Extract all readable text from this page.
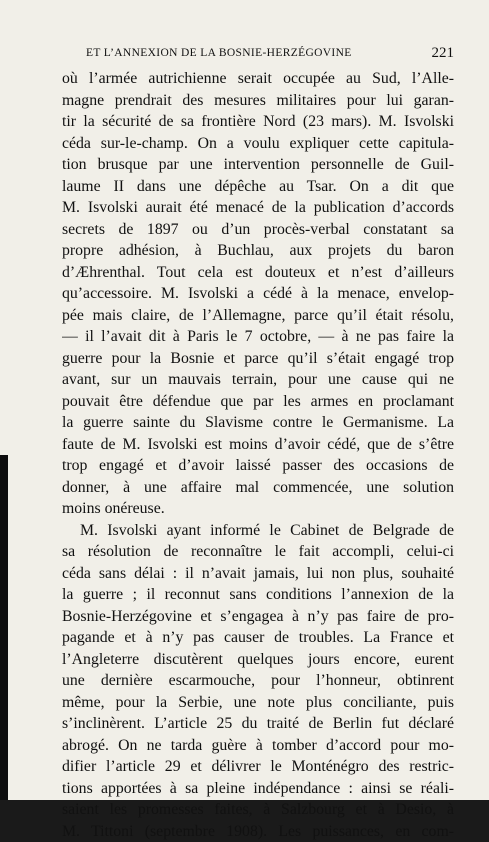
ET L’ANNEXION DE LA BOSNIE-HERZÉGOVINE	221
où l’armée autrichienne serait occupée au Sud, l’Alle-
magne prendrait des mesures militaires pour lui garan-
tir la sécurité de sa frontière Nord (23 mars). M. Isvolski
céda sur-le-champ. On a voulu expliquer cette capitula-
tion brusque par une intervention personnelle de Guil-
laume II dans une dépêche au Tsar. On a dit que
M. Isvolski aurait été menacé de la publication d’accords
secrets de 1897 ou d’un procès-verbal constatant sa
propre adhésion, à Buchlau, aux projets du baron
d’Æhrenthal. Tout cela est douteux et n’est d’ailleurs
qu’accessoire. M. Isvolski a cédé à la menace, envelop-
pée mais claire, de l’Allemagne, parce qu’il était résolu,
— il l’avait dit à Paris le 7 octobre, — à ne pas faire la
guerre pour la Bosnie et parce qu’il s’était engagé trop
avant, sur un mauvais terrain, pour une cause qui ne
pouvait être défendue que par les armes en proclamant
la guerre sainte du Slavisme contre le Germanisme. La
faute de M. Isvolski est moins d’avoir cédé, que de s’être
trop engagé et d’avoir laissé passer des occasions de
donner, à une affaire mal commencée, une solution
moins onéreuse.
M. Isvolski ayant informé le Cabinet de Belgrade de
sa résolution de reconnaître le fait accompli, celui-ci
céda sans délai : il n’avait jamais, lui non plus, souhaité
la guerre ; il reconnut sans conditions l’annexion de la
Bosnie-Herzégovine et s’engagea à n’y pas faire de pro-
pagande et à n’y pas causer de troubles. La France et
l’Angleterre discutèrent quelques jours encore, eurent
une dernière escarmouche, pour l’honneur, obtinrent
même, pour la Serbie, une note plus conciliante, puis
s’inclinèrent. L’article 25 du traité de Berlin fut déclaré
abrogé. On ne tarda guère à tomber d’accord pour mo-
difier l’article 29 et délivrer le Monténégro des restric-
tions apportées à sa pleine indépendance : ainsi se réali-
saient les promesses faites, à Salzbourg et à Desio, à
M. Tittoni (septembre 1908). Les puissances, en com-
